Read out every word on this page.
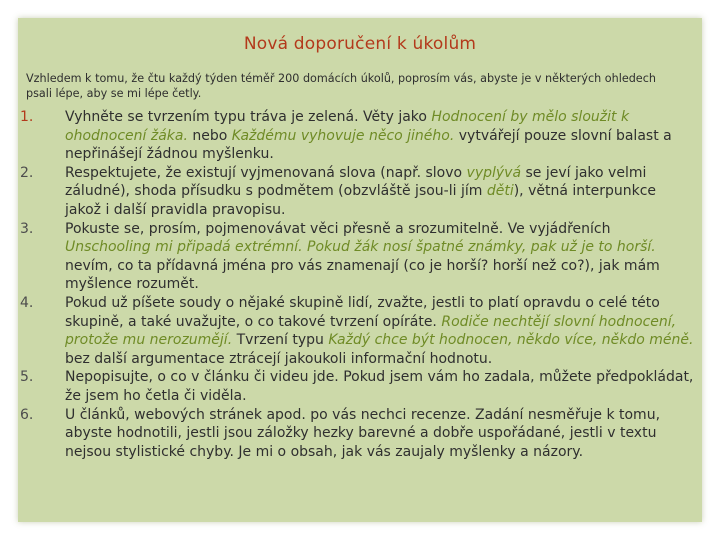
Nová doporučení k úkolům
Vzhledem k tomu, že čtu každý týden téměř 200 domácích úkolů, poprosím vás, abyste je v některých ohledech psali lépe, aby se mi lépe četly.
1.	Vyhněte se tvrzením typu tráva je zelená. Věty jako Hodnocení by mělo sloužit k ohodnocení žáka. nebo Každému vyhovuje něco jiného. vytvářejí pouze slovní balast a nepřinášejí žádnou myšlenku.
2.	Respektujete, že existují vyjmenovaná slova (např. slovo vyplývá se jeví jako velmi záludné), shoda přísudku s podmětem (obzvláště jsou-li jím děti), větná interpunkce jakož i další pravidla pravopisu.
3.	Pokuste se, prosím, pojmenovávat věci přesně a srozumitelně. Ve vyjádřeních Unschooling mi připadá extrémní. Pokud žák nosí špatné známky, pak už je to horší. nevím, co ta přídavná jména pro vás znamenají (co je horší? horší než co?), jak mám myšlence rozumět.
4.	Pokud už píšete soudy o nějaké skupině lidí, zvažte, jestli to platí opravdu o celé této skupině, a také uvažujte, o co takové tvrzení opíráte. Rodiče nechtějí slovní hodnocení, protože mu nerozumějí. Tvrzení typu Každý chce být hodnocen, někdo více, někdo méně. bez další argumentace ztrácejí jakoukoli informační hodnotu.
5.	Nepopisujte, o co v článku či videu jde. Pokud jsem vám ho zadala, můžete předpokládat, že jsem ho četla či viděla.
6.	U článků, webových stránek apod. po vás nechci recenze. Zadání nesměřuje k tomu, abyste hodnotili, jestli jsou záložky hezky barevné a dobře uspořádané, jestli v textu nejsou stylistické chyby. Je mi o obsah, jak vás zaujaly myšlenky a názory.
